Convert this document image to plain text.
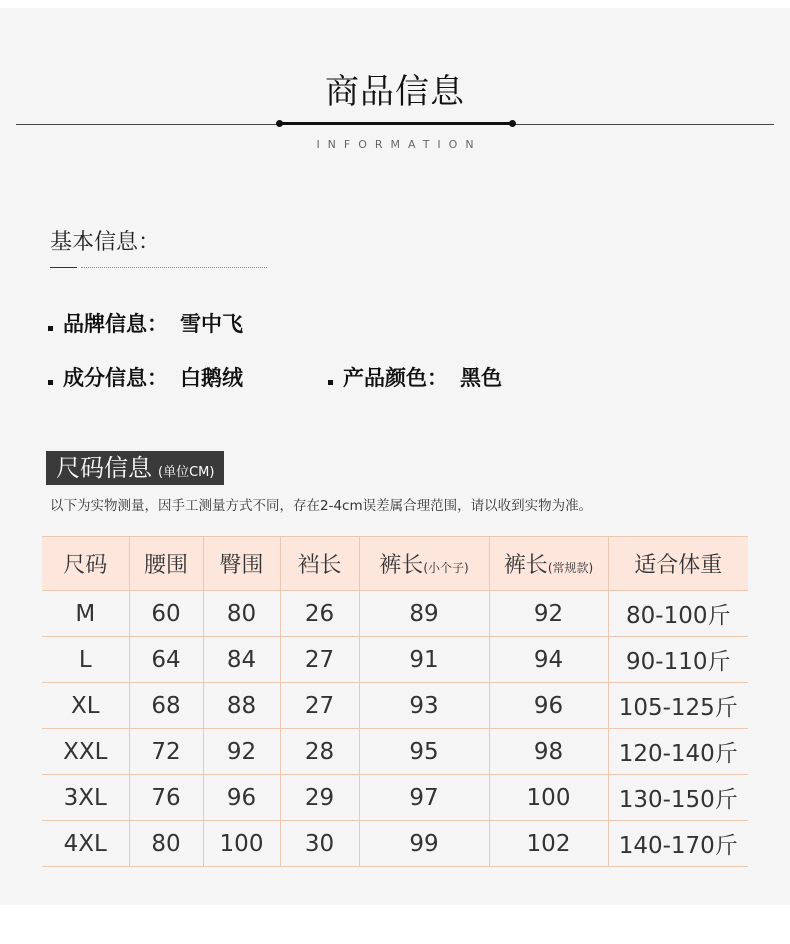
商品信息
INFORMATION
基本信息：
品牌信息： 雪中飞
成分信息： 白鹅绒	产品颜色： 黑色
尺码信息 (单位CM)
以下为实物测量，因手工测量方式不同，存在2-4cm误差属合理范围，请以收到实物为准。
尺码	腰围	臀围	裆长	裤长(小个子)	裤长(常规款)	适合体重
M	60	80	26	89	92	80-100斤
L	64	84	27	91	94	90-110斤
XL	68	88	27	93	96	105-125斤
XXL	72	92	28	95	98	120-140斤
3XL	76	96	29	97	100	130-150斤
4XL	80	100	30	99	102	140-170斤
